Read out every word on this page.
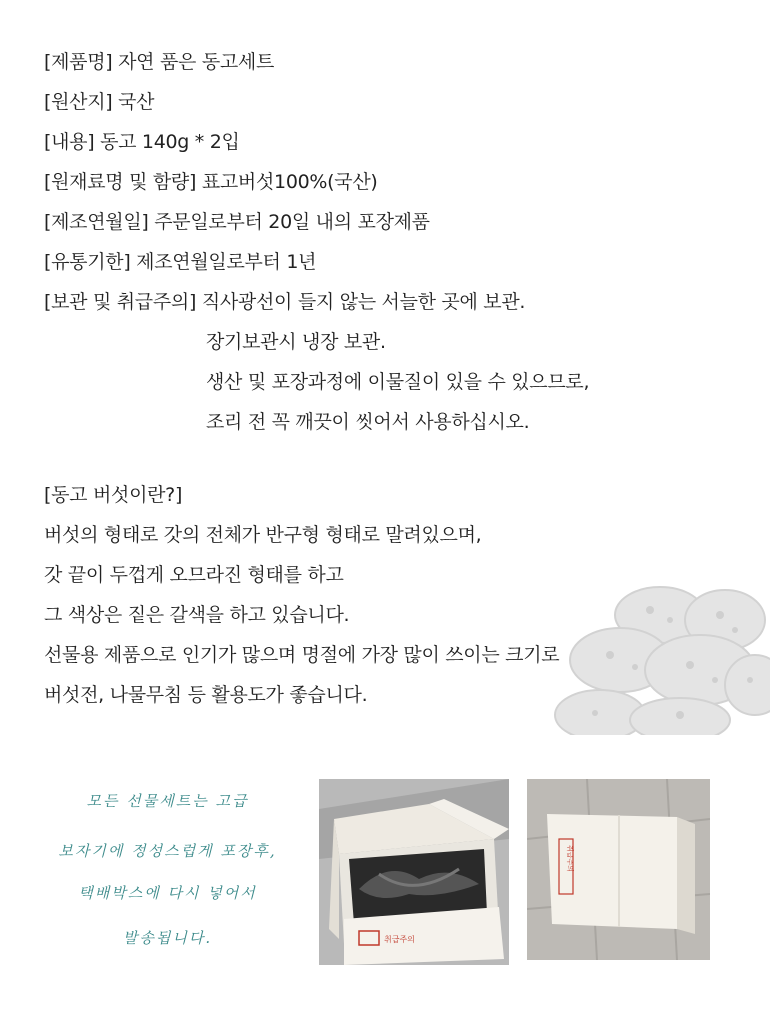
[제품명] 자연 품은 동고세트
[원산지] 국산
[내용] 동고 140g * 2입
[원재료명 및 함량] 표고버섯100%(국산)
[제조연월일] 주문일로부터 20일 내의 포장제품
[유통기한] 제조연월일로부터 1년
[보관 및 취급주의] 직사광선이 들지 않는 서늘한 곳에 보관.
장기보관시 냉장 보관.
생산 및 포장과정에 이물질이 있을 수 있으므로,
조리 전 꼭 깨끗이 씻어서 사용하십시오.
[동고 버섯이란?]
버섯의 형태로 갓의 전체가 반구형 형태로 말려있으며,
갓 끝이 두껍게 오므라진 형태를 하고
그 색상은 짙은 갈색을 하고 있습니다.
선물용 제품으로 인기가 많으며 명절에 가장 많이 쓰이는 크기로
버섯전, 나물무침 등 활용도가 좋습니다.
모든 선물세트는 고급
보자기에 정성스럽게 포장후,
택배박스에 다시 넣어서
발송됩니다.	취급주의
취급주의
